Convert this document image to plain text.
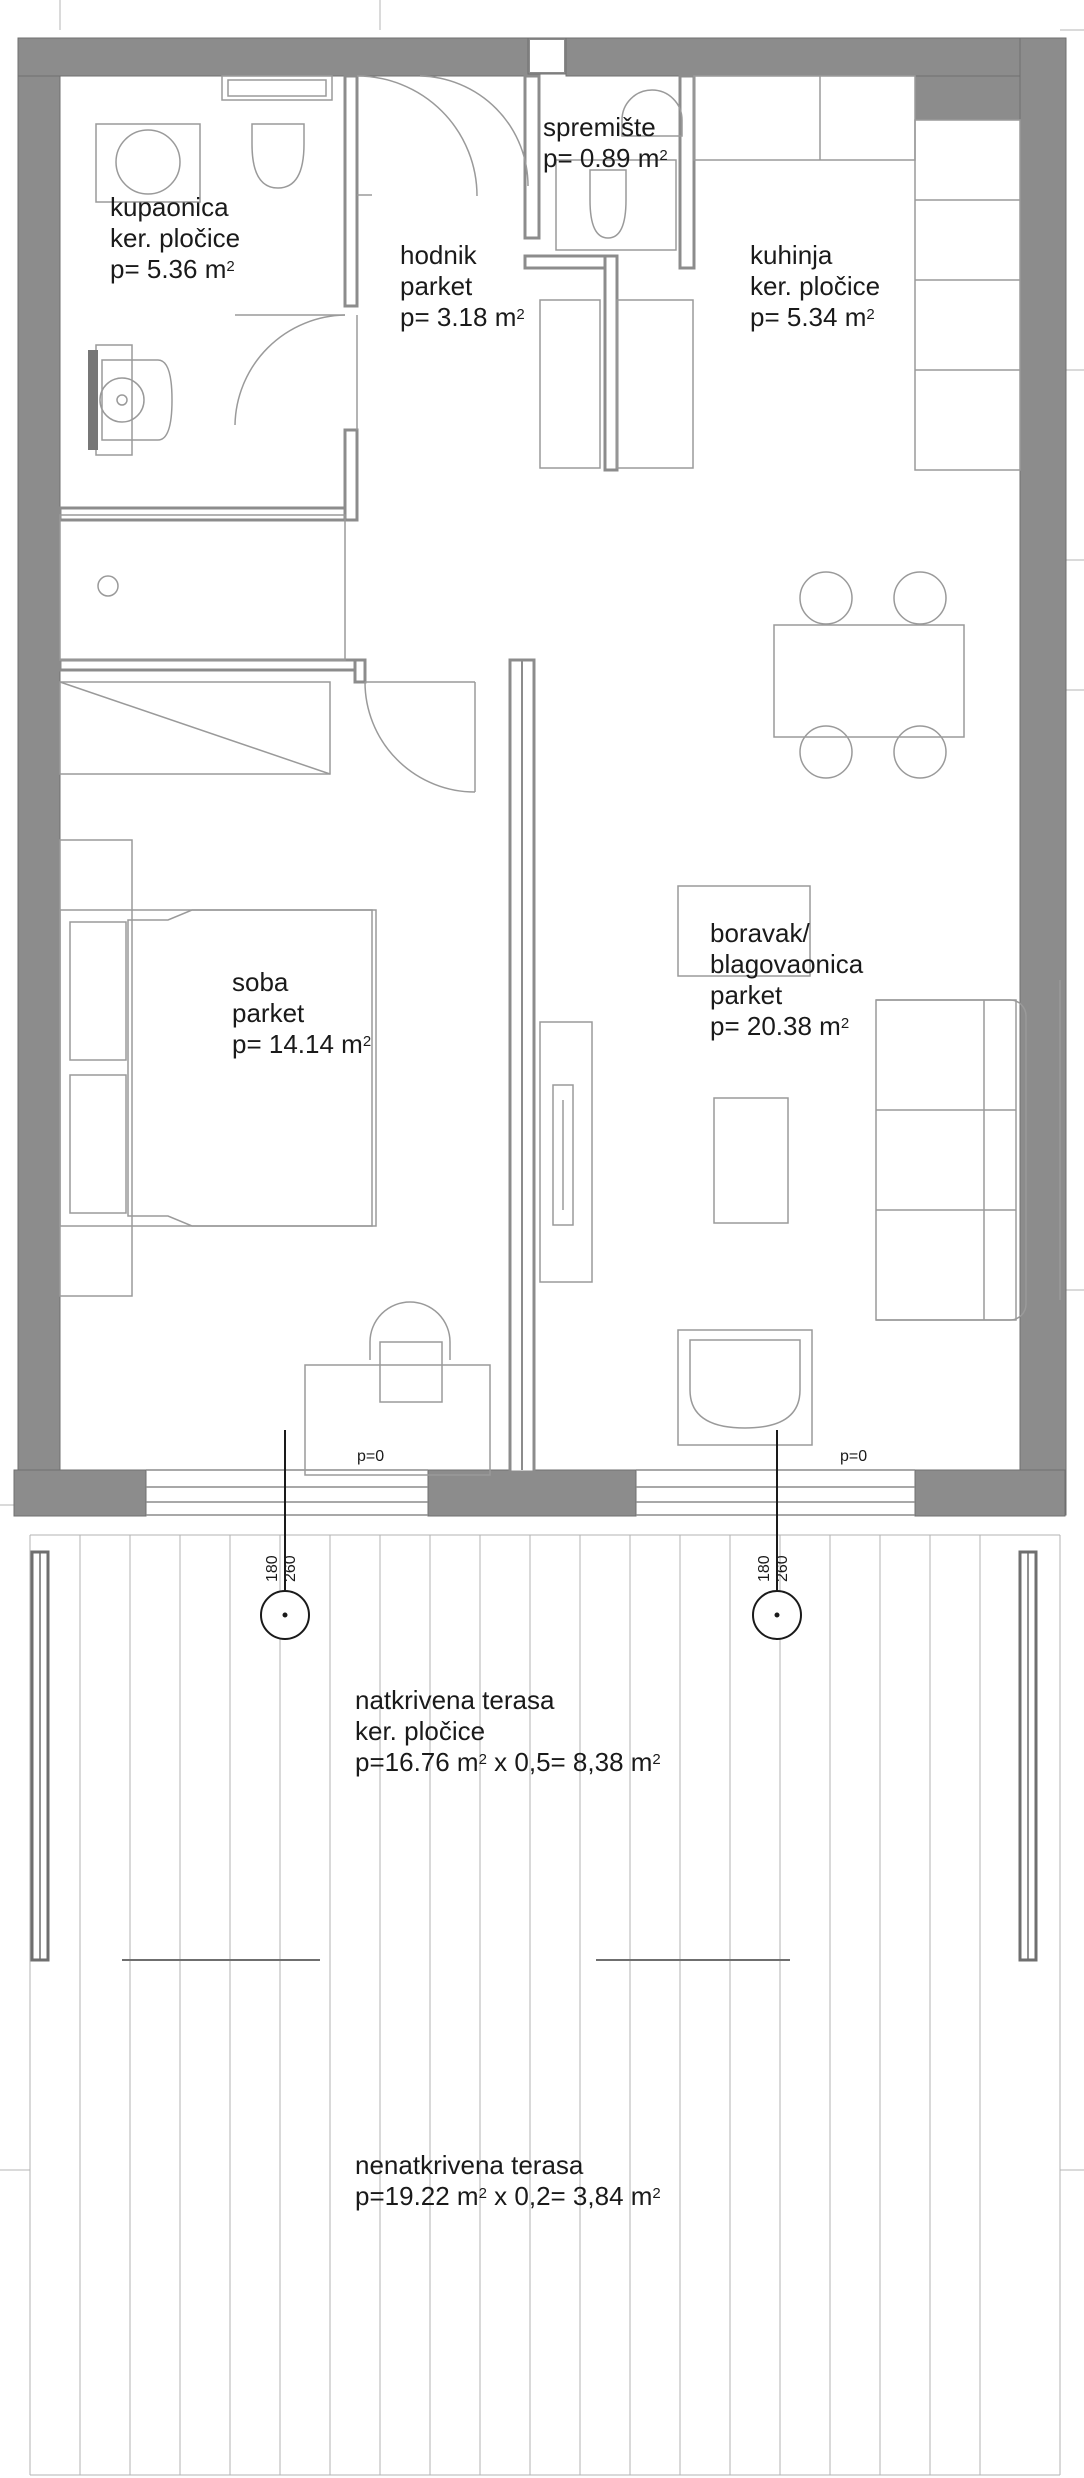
kupaonica
ker. pločice
p= 5.36 $m^2$
spremište
p= 0.89 $m^2$
hodnik
parket
p= 3.18 $m^2$
kuhinja
ker. pločice
p= 5.34 $m^2$
soba
parket
p= 14.14 $m^2$
boravak/
blagovaonica
parket
p= 20.38 $m^2$
natkrivena terasa
ker. pločice
p=16.76 $m^2$ x 0,5= 8,38 $m^2$
nenatkrivena terasa
p=19.22 $m^2$ x 0,2= 3,84 $m^2$
p=0	p=0
180 260	180 260
